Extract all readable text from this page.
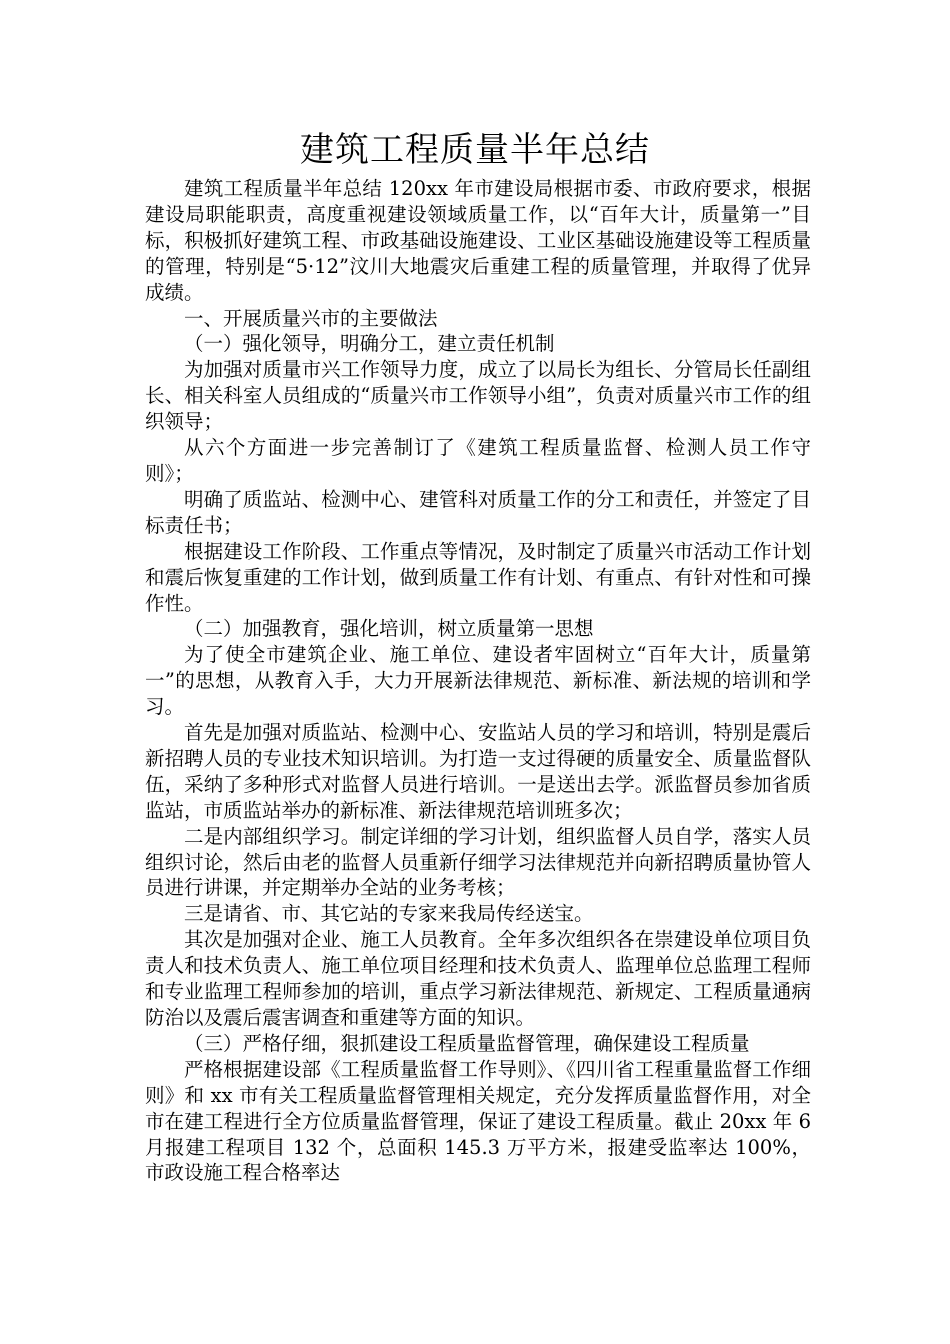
建筑工程质量半年总结

建筑工程质量半年总结 120xx 年市建设局根据市委、市政府要求，根据建设局职能职责，高度重视建设领域质量工作，以“百年大计，质量第一”目标，积极抓好建筑工程、市政基础设施建设、工业区基础设施建设等工程质量的管理，特别是“5·12”汶川大地震灾后重建工程的质量管理，并取得了优异成绩。

一、开展质量兴市的主要做法

（一）强化领导，明确分工，建立责任机制

为加强对质量市兴工作领导力度，成立了以局长为组长、分管局长任副组长、相关科室人员组成的“质量兴市工作领导小组”，负责对质量兴市工作的组织领导；

从六个方面进一步完善制订了《建筑工程质量监督、检测人员工作守则》；

明确了质监站、检测中心、建管科对质量工作的分工和责任，并签定了目标责任书；

根据建设工作阶段、工作重点等情况，及时制定了质量兴市活动工作计划和震后恢复重建的工作计划，做到质量工作有计划、有重点、有针对性和可操作性。

（二）加强教育，强化培训，树立质量第一思想

为了使全市建筑企业、施工单位、建设者牢固树立“百年大计，质量第一”的思想，从教育入手，大力开展新法律规范、新标准、新法规的培训和学习。

首先是加强对质监站、检测中心、安监站人员的学习和培训，特别是震后新招聘人员的专业技术知识培训。为打造一支过得硬的质量安全、质量监督队伍，采纳了多种形式对监督人员进行培训。一是送出去学。派监督员参加省质监站，市质监站举办的新标准、新法律规范培训班多次；

二是内部组织学习。制定详细的学习计划，组织监督人员自学，落实人员组织讨论，然后由老的监督人员重新仔细学习法律规范并向新招聘质量协管人员进行讲课，并定期举办全站的业务考核；

三是请省、市、其它站的专家来我局传经送宝。

其次是加强对企业、施工人员教育。全年多次组织各在崇建设单位项目负责人和技术负责人、施工单位项目经理和技术负责人、监理单位总监理工程师和专业监理工程师参加的培训，重点学习新法律规范、新规定、工程质量通病防治以及震后震害调查和重建等方面的知识。

（三）严格仔细，狠抓建设工程质量监督管理，确保建设工程质量

严格根据建设部《工程质量监督工作导则》、《四川省工程重量监督工作细则》和 xx 市有关工程质量监督管理相关规定，充分发挥质量监督作用，对全市在建工程进行全方位质量监督管理，保证了建设工程质量。截止 20xx 年 6 月报建工程项目 132 个，总面积 145.3 万平方米，报建受监率达 100%，市政设施工程合格率达
